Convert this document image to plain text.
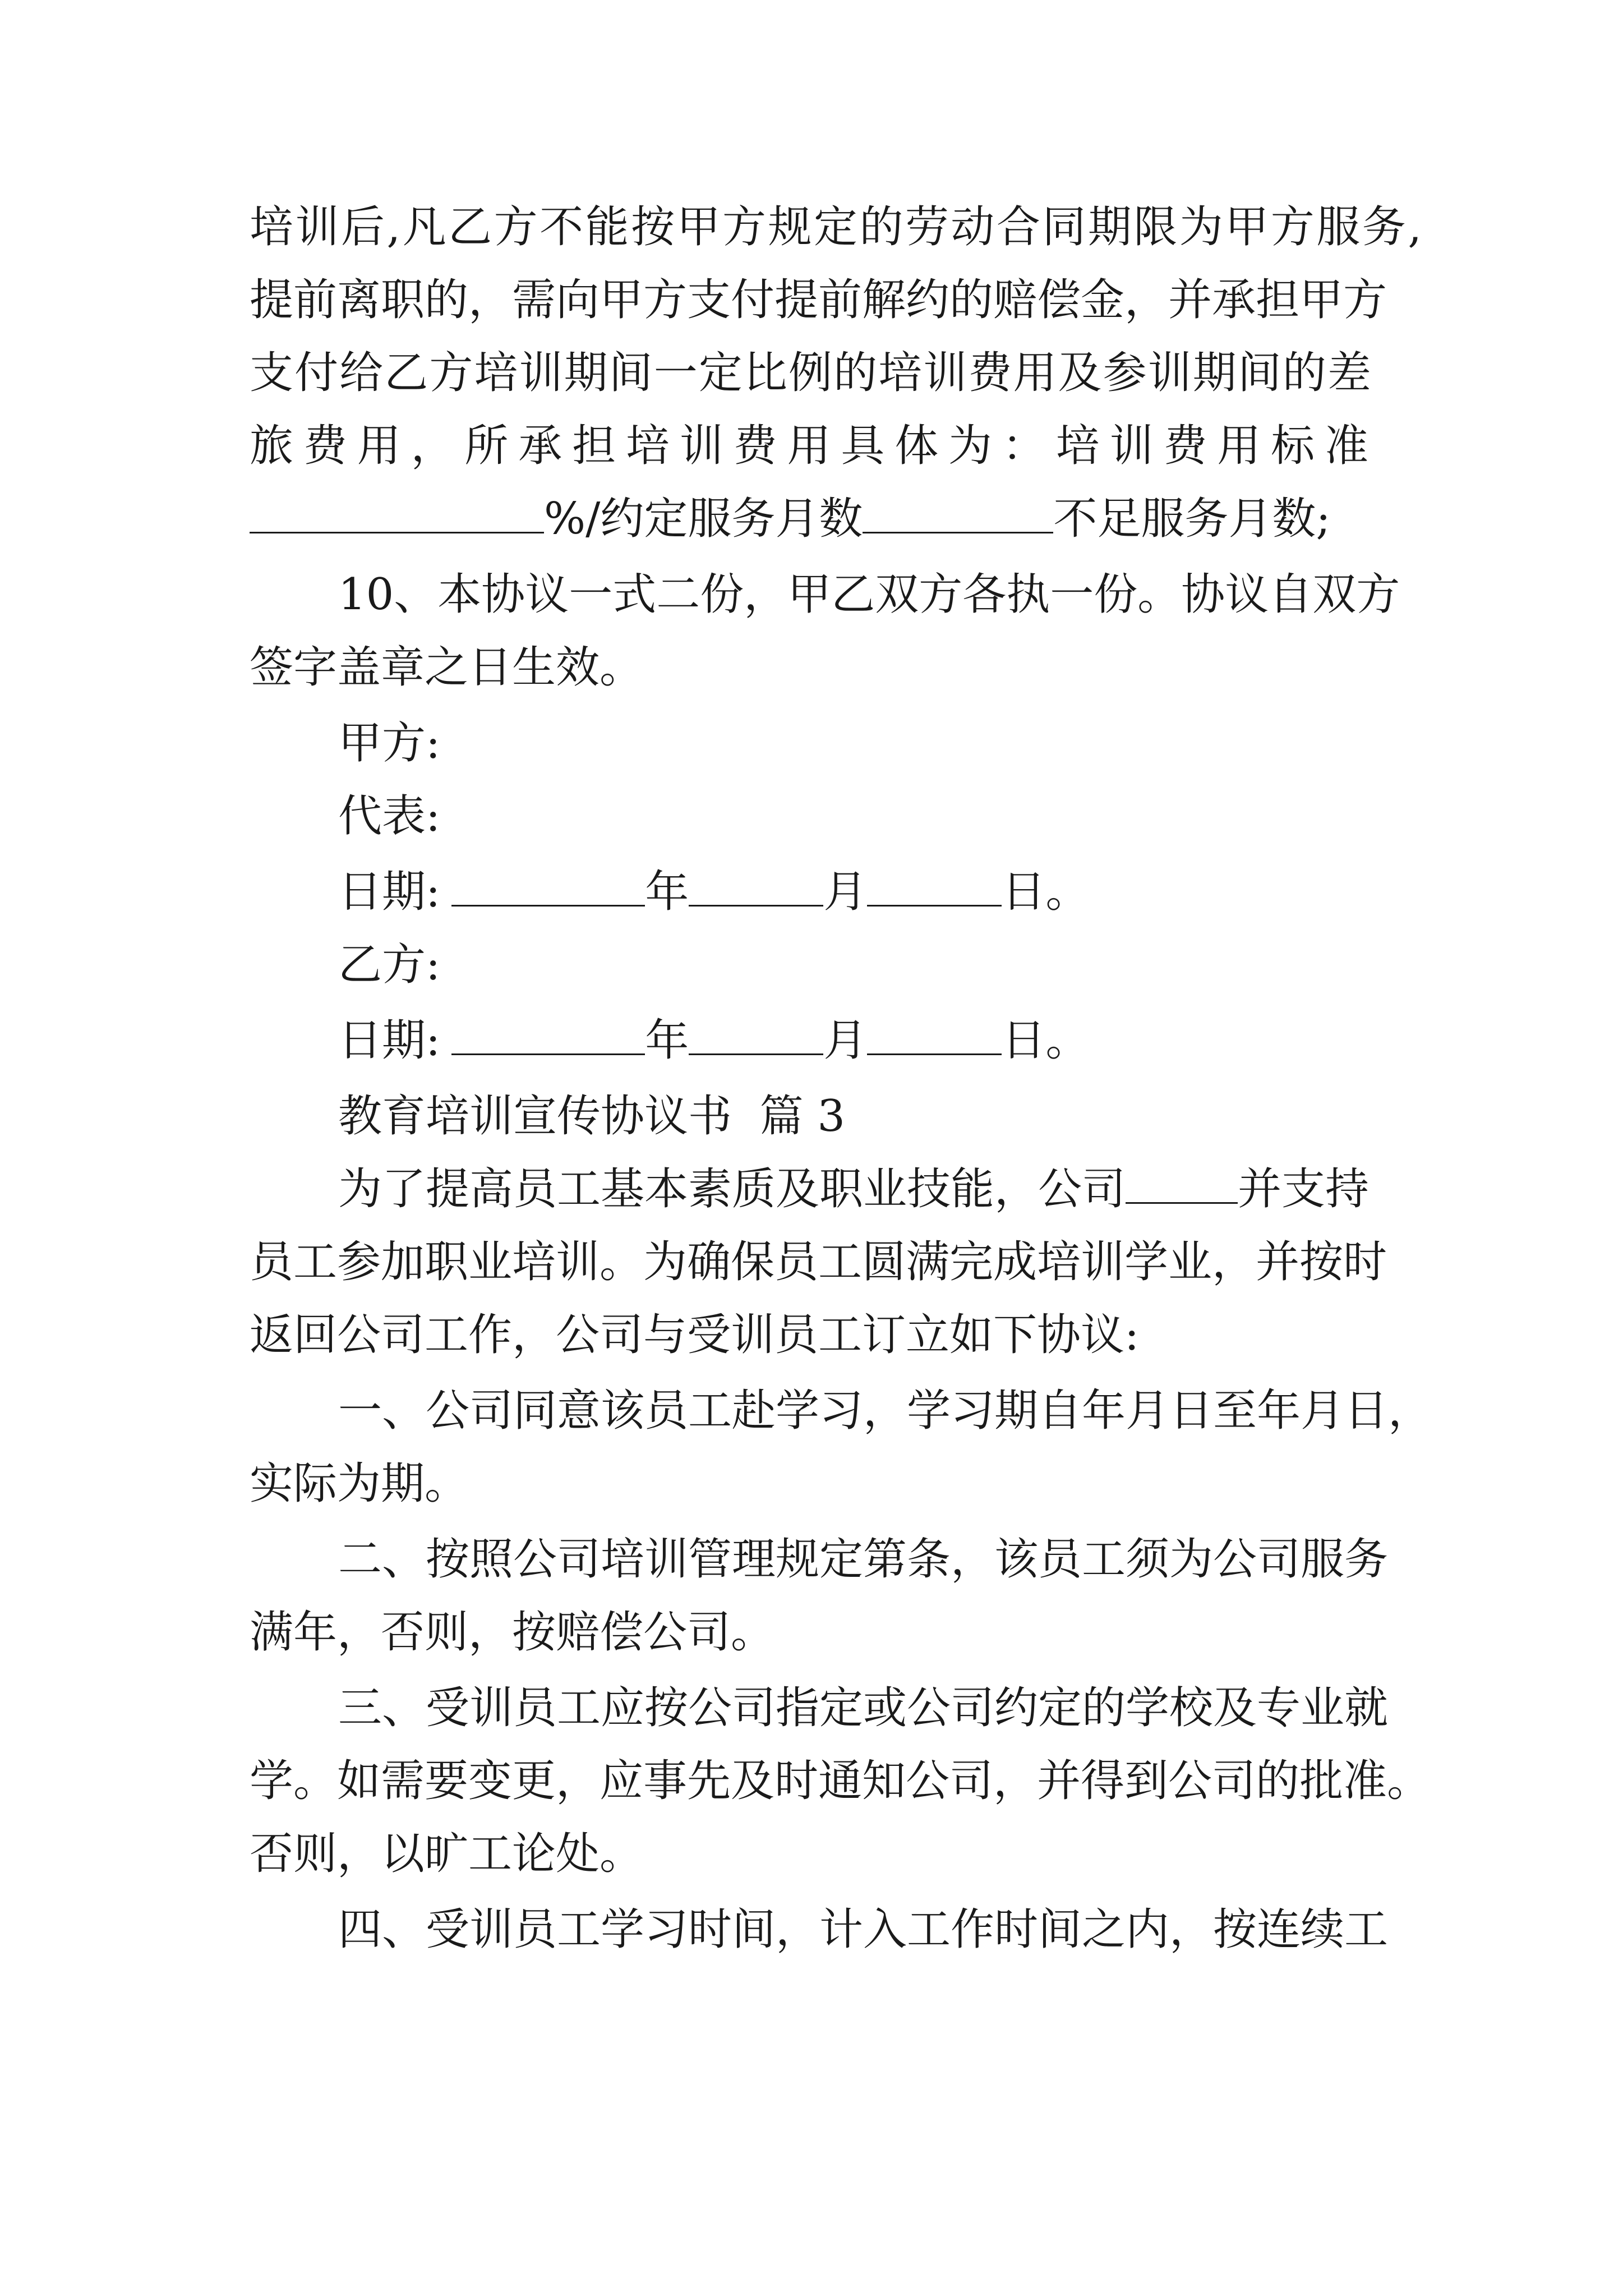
培训后,凡乙方不能按甲方规定的劳动合同期限为甲方服务,
提前离职的，需向甲方支付提前解约的赔偿金，并承担甲方
支付给乙方培训期间一定比例的培训费用及参训期间的差
旅费用，所承担培训费用具体为：培训费用标准
%/约定服务月数	不足服务月数;
10、本协议一式二份，甲乙双方各执一份。协议自双方
签字盖章之日生效。
甲方:
代表:
日期:	年	月	日。
乙方:
日期:	年	月	日。
教育培训宣传协议书  篇 3
为了提高员工基本素质及职业技能，公司	并支持
员工参加职业培训。为确保员工圆满完成培训学业，并按时
返回公司工作，公司与受训员工订立如下协议:
一、公司同意该员工赴学习，学习期自年月日至年月日，
实际为期。
二、按照公司培训管理规定第条，该员工须为公司服务
满年，否则，按赔偿公司。
三、受训员工应按公司指定或公司约定的学校及专业就
学。如需要变更，应事先及时通知公司，并得到公司的批准。
否则，以旷工论处。
四、受训员工学习时间，计入工作时间之内，按连续工
